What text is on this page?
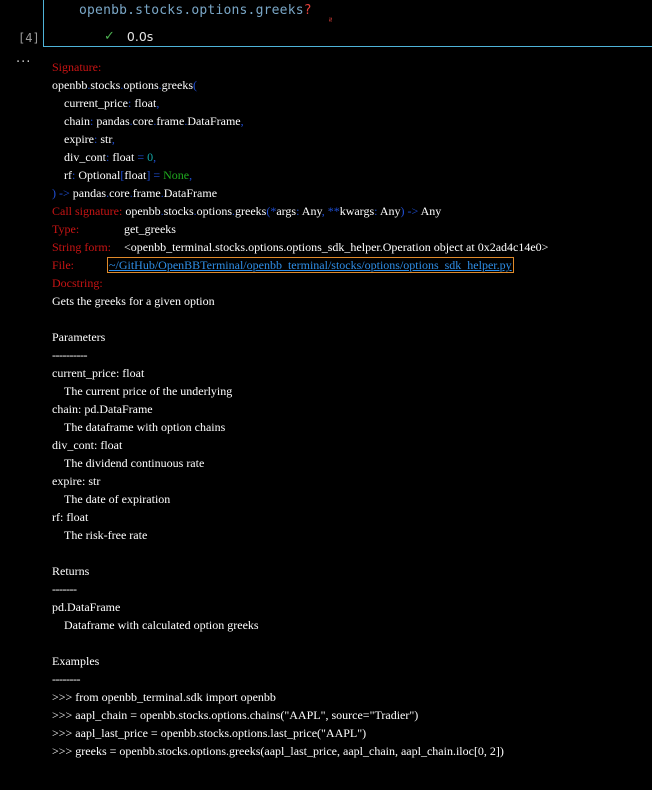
openbb.stocks.options.greeks?
≈
✓ 0.0s
[4]
··· Signature:
openbb.stocks.options.greeks(
current_price: float,
chain: pandas.core.frame.DataFrame,
expire: str,
div_cont: float = 0,
rf: Optional[float] = None,
) -> pandas.core.frame.DataFrame
Call signature: openbb.stocks.options.greeks(*args: Any, **kwargs: Any) -> Any
Type:	get_greeks
String form: <openbb_terminal.stocks.options.options_sdk_helper.Operation object at 0x2ad4c14e0>
File:	~/GitHub/OpenBBTerminal/openbb_terminal/stocks/options/options_sdk_helper.py
Docstring:
Gets the greeks for a given option
Parameters
----------
current_price: float
The current price of the underlying
chain: pd.DataFrame
The dataframe with option chains
div_cont: float
The dividend continuous rate
expire: str
The date of expiration
rf: float
The risk-free rate
Returns
-------
pd.DataFrame
Dataframe with calculated option greeks
Examples
--------
>>> from openbb_terminal.sdk import openbb
>>> aapl_chain = openbb.stocks.options.chains("AAPL", source="Tradier")
>>> aapl_last_price = openbb.stocks.options.last_price("AAPL")
>>> greeks = openbb.stocks.options.greeks(aapl_last_price, aapl_chain, aapl_chain.iloc[0, 2])
